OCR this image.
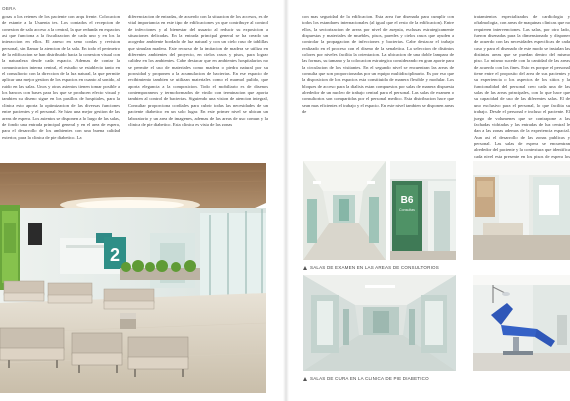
OBRA

gosas a los retenes de los paciente con arqu frente. Colocacion de estante a la Usuenta tes. Los contados el recepcion de conexion de sala acceso a la central, la que redunda en espacios asi que funciona a la fiscalizacion de cada uno y en los la interaccion en ellos. El anexo en seno conlas y revision personal, sin llamar la atencion de la sala. En todo el perimetro de la edificacion se han distribuido hacia la conexion visual con la naturaleza desde cada espacio. Ademas de contar la comunicacion interna central, el estudio se establecio tanto en el consultorio con la direccion de la luz natural, la que permite aplicar una mejor gestion de los espacios en cuanto al sonido, al ruido en las salas. Unos y otras asientos tienen tomar posible a los bancos con bases para los que se producen efecto visual y tambien su diseno sigue en los pasillos de hospitales, para la clinica esto aporta la optimizacion de las diversas funciones entre pacientes y el personal. Se hizo una mejor gestion de las areas de espera. Los asientos se disponen a lo largo de las salas, de fondo una entrada principal general y en el area de espera, para el desarrollo de los ambientes con una buena calidad exterior, para la clinica de pie diabetico. La

diferenciacion de entradas, de acuerdo con la situacion de los accesos, es de vital importancia en este tipo de edificaciones ya que contribuye al control de infecciones y al bienestar del usuario al reducir su exposicion a situaciones delicadas. En la entrada principal general se ha creado un acogedor ambiente bordado de luz natural y con un cielo raso de tablillas que simulan madera. Este recurso de la imitacion de madera se utiliza en diferentes ambientes del proyecto, en cielos rasos y pisos, para lograr calidez en los ambientes. Cabe destacar que en ambientes hospitalarios no se permite el uso de materiales como madera o piedra natural por su porosidad y proponen a la acumulacion de bacterias. En ese espacio de recibimiento tambien se utilizan materiales como el marmol pulido, que aporta elegancia a la composicion. Todo el mobiliario es de disenos contemporaneos y termoformados de vinilo con terminacion que aporta tambien al control de bacterias. Siguiendo una vision de atencion integral, Consultar proporciona cordiales para cubrir todas las necesidades de un paciente diabetico en un solo lugar. En este primer nivel se ubican un laboratorio y un area de imagenes, ademas de las areas de uso comun y la clinica de pie diabetico. Esta clinica es vista de las zonas

2

con mas seguridad de la edificacion. Esta area fue disenada para cumplir con todos los estandares internacionales (al igual que el resto de la edificacion). Entre ellos, la sectorizacion de areas por nivel de asepsia, esclusas estrategicamente dispuestas y materiales de muebles, pisos, paredes y cielos rasos que ayuden a controlar la propagacion de infecciones y bacterias. Cabe destacar el trabajo realizado en el proceso con el diseno de la senaletica. La seleccion de distintos colores por niveles facilita la orientacion. La ubicacion de una doble lampara de las formas, su tamano y la colocacion estrategica considerando en gran aporte para la circulacion de los visitantes. En el segundo nivel se encuentran las areas de consulta que son proporcionadas por un equipo multidisciplinario. Es por eso que la disposicion de los espacios esta constituida de manera flexible y modular. Los bloques de acceso para la dialisis estan compuestos por salas de manera dispuesta alrededor de un nucleo de trabajo central para el personal. Las salas de examen o consultorios son compartidas por el personal medico. Esta distribucion hace que sean mas eficientes el trabajo y el espacio. En este nivel tambien se disponen areas de

tratamientos especializados de cardiologia y oftalmologia, con areas de maquinas clinicas que no requieren intervenciones. Las salas, por otro lado, fueron disenadas para la dimensionado y disponer de acuerdo con las necesidades especificas de cada caso y para el disenado de este modo se instalan las distintas areas que se puedan dentro del mismo piso. Lo mismo sucede con la cantidad de las areas de acuerdo con los fines. Esto es porque el personal tiene entre el proposito del area de sus pacientes y su experiencia o los aspectos de los sitios y la funcionalidad del personal creo cada una de las salas de las areas principales, con lo que hace que su capacidad de uso de las diferentes salas. El de uno exclusivo para el personal, lo que facilita su trabajo. Desde el personal e incluso el paciente. El juego de volumenes que se contrapone a las fachadas vidriadas y las entradas de luz central le dan a las zonas ademas de la experiencia espacial. Aun asi el desarrollo de las zonas publicas y personal. Las salas de espera se encuentran alrededor del paciente y la contextura que identifica cada nivel esta presente en los pisos de espera los

B6
Consultas
SALAS DE EXAMEN EN LAS AREAS DE CONSULTORIOS
SALAS DE CURA EN LA CLINICA DE PIE DIABETICO
